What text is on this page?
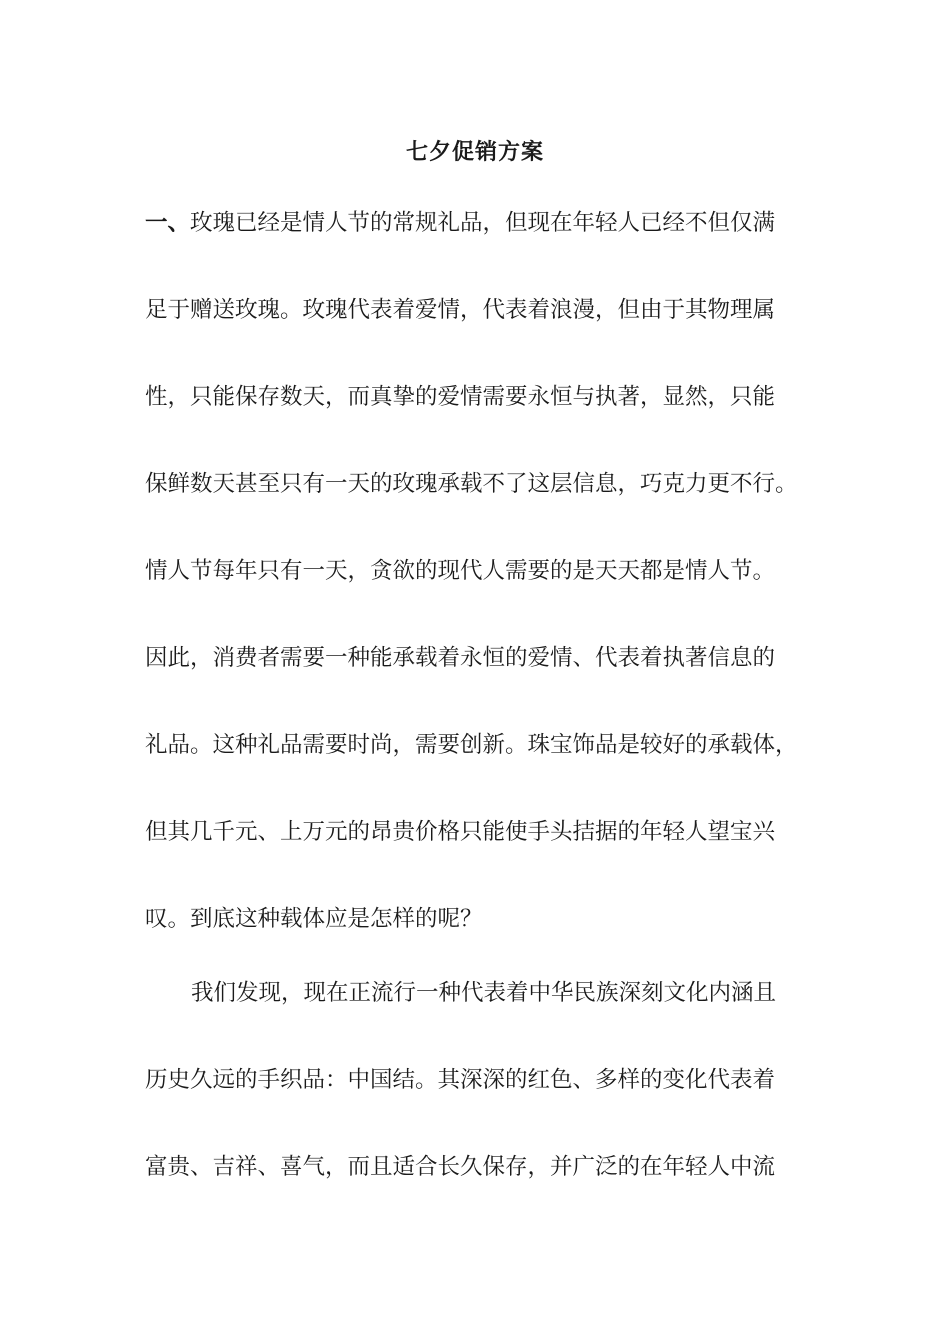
七夕促销方案

一、玫瑰已经是情人节的常规礼品，但现在年轻人已经不但仅满

足于赠送玫瑰。玫瑰代表着爱情，代表着浪漫，但由于其物理属

性，只能保存数天，而真挚的爱情需要永恒与执著，显然，只能

保鲜数天甚至只有一天的玫瑰承载不了这层信息，巧克力更不行。

情人节每年只有一天，贪欲的现代人需要的是天天都是情人节。

因此，消费者需要一种能承载着永恒的爱情、代表着执著信息的

礼品。这种礼品需要时尚，需要创新。珠宝饰品是较好的承载体，

但其几千元、上万元的昂贵价格只能使手头拮据的年轻人望宝兴

叹。到底这种载体应是怎样的呢？

我们发现，现在正流行一种代表着中华民族深刻文化内涵且

历史久远的手织品：中国结。其深深的红色、多样的变化代表着

富贵、吉祥、喜气，而且适合长久保存，并广泛的在年轻人中流
